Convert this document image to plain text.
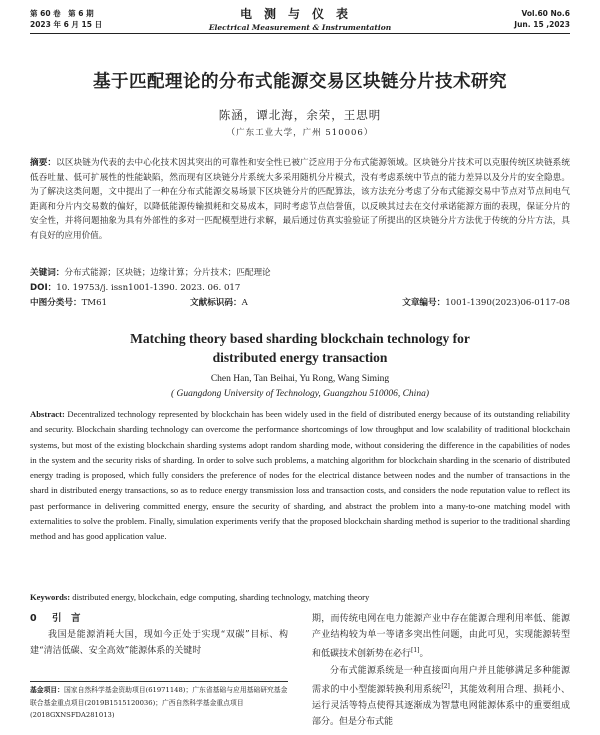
第 60 卷　第 6 期
2023 年 6 月 15 日
电测与仪表
Electrical Measurement & Instrumentation
Vol.60 No.6
Jun. 15 ,2023
基于匹配理论的分布式能源交易区块链分片技术研究
陈涵，谭北海，余荣，王思明
（广东工业大学，广州 510006）
摘要：以区块链为代表的去中心化技术因其突出的可靠性和安全性已被广泛应用于分布式能源领域。区块链分片技术可以克服传统区块链系统低吞吐量、低可扩展性的性能缺陷，然而现有区块链分片系统大多采用随机分片模式，没有考虑系统中节点的能力差异以及分片的安全隐患。为了解决这类问题，文中提出了一种在分布式能源交易场景下区块链分片的匹配算法，该方法充分考虑了分布式能源交易中节点对节点间电气距离和分片内交易数的偏好，以降低能源传输损耗和交易成本，同时考虑节点信誉值，以反映其过去在交付承诺能源方面的表现，保证分片的安全性，并将问题抽象为具有外部性的多对一匹配模型进行求解，最后通过仿真实验验证了所提出的区块链分片方法优于传统的分片方法，具有良好的应用价值。
关键词：分布式能源；区块链；边缘计算；分片技术；匹配理论
DOI：10. 19753/j. issn1001-1390. 2023. 06. 017
中图分类号：TM61	文献标识码：A	文章编号：1001-1390(2023)06-0117-08
Matching theory based sharding blockchain technology for
distributed energy transaction
Chen Han, Tan Beihai, Yu Rong, Wang Siming
( Guangdong University of Technology, Guangzhou 510006, China)
Abstract: Decentralized technology represented by blockchain has been widely used in the field of distributed energy because of its outstanding reliability and security. Blockchain sharding technology can overcome the performance shortcomings of low throughput and low scalability of traditional blockchain systems, but most of the existing blockchain sharding systems adopt random sharding mode, without considering the difference in the capabilities of nodes in the system and the security risks of sharding. In order to solve such problems, a matching algorithm for blockchain sharding in the scenario of distributed energy trading is proposed, which fully considers the preference of nodes for the electrical distance between nodes and the number of transactions in the shard in distributed energy transactions, so as to reduce energy transmission loss and transaction costs, and considers the node reputation value to reflect its past performance in delivering committed energy, ensure the security of sharding, and abstract the problem into a many-to-one matching model with externalities to solve the problem. Finally, simulation experiments verify that the proposed blockchain sharding method is superior to the traditional sharding method and has good application value.
Keywords: distributed energy, blockchain, edge computing, sharding technology, matching theory
0 引　言
我国是能源消耗大国，现如今正处于实现“双碳”目标、构建“清洁低碳、安全高效”能源体系的关键时
基金项目：国家自然科学基金资助项目(61971148)；广东省基础与应用基础研究基金联合基金重点项目(2019B1515120036)；广西自然科学基金重点项目(2018GXNSFDA281013)
期，而传统电网在电力能源产业中存在能源合理利用率低、能源产业结构较为单一等诸多突出性问题，由此可见，实现能源转型和低碳技术创新势在必行[1]。
分布式能源系统是一种直接面向用户并且能够满足多种能源需求的中小型能源转换利用系统[2]，其能效利用合理、损耗小、运行灵活等特点使得其逐渐成为智慧电网能源体系中的重要组成部分。但是分布式能
